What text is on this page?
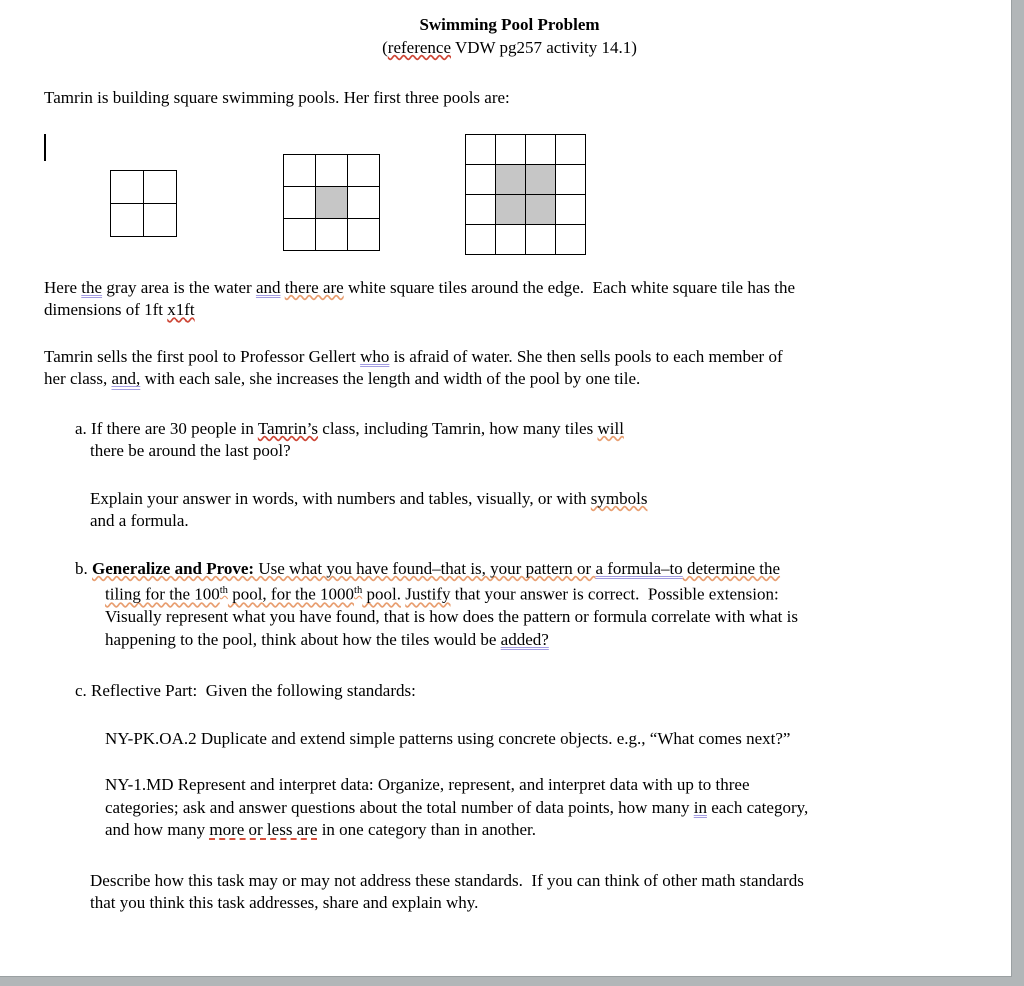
Swimming Pool Problem
(reference VDW pg257 activity 14.1)
Tamrin is building square swimming pools. Her first three pools are:
Here the gray area is the water and there are white square tiles around the edge.  Each white square tile has the
dimensions of 1ft x1ft
Tamrin sells the first pool to Professor Gellert who is afraid of water. She then sells pools to each member of
her class, and, with each sale, she increases the length and width of the pool by one tile.
a. If there are 30 people in Tamrin’s class, including Tamrin, how many tiles will
there be around the last pool?
Explain your answer in words, with numbers and tables, visually, or with symbols
and a formula.
b. Generalize and Prove: Use what you have found–that is, your pattern or a formula–to determine the
tiling for the 100th pool, for the 1000th pool. Justify that your answer is correct.  Possible extension:
Visually represent what you have found, that is how does the pattern or formula correlate with what is
happening to the pool, think about how the tiles would be added?
c. Reflective Part:  Given the following standards:
NY-PK.OA.2 Duplicate and extend simple patterns using concrete objects. e.g., “What comes next?”
NY-1.MD Represent and interpret data: Organize, represent, and interpret data with up to three
categories; ask and answer questions about the total number of data points, how many in each category,
and how many more or less are in one category than in another.
Describe how this task may or may not address these standards.  If you can think of other math standards
that you think this task addresses, share and explain why.
